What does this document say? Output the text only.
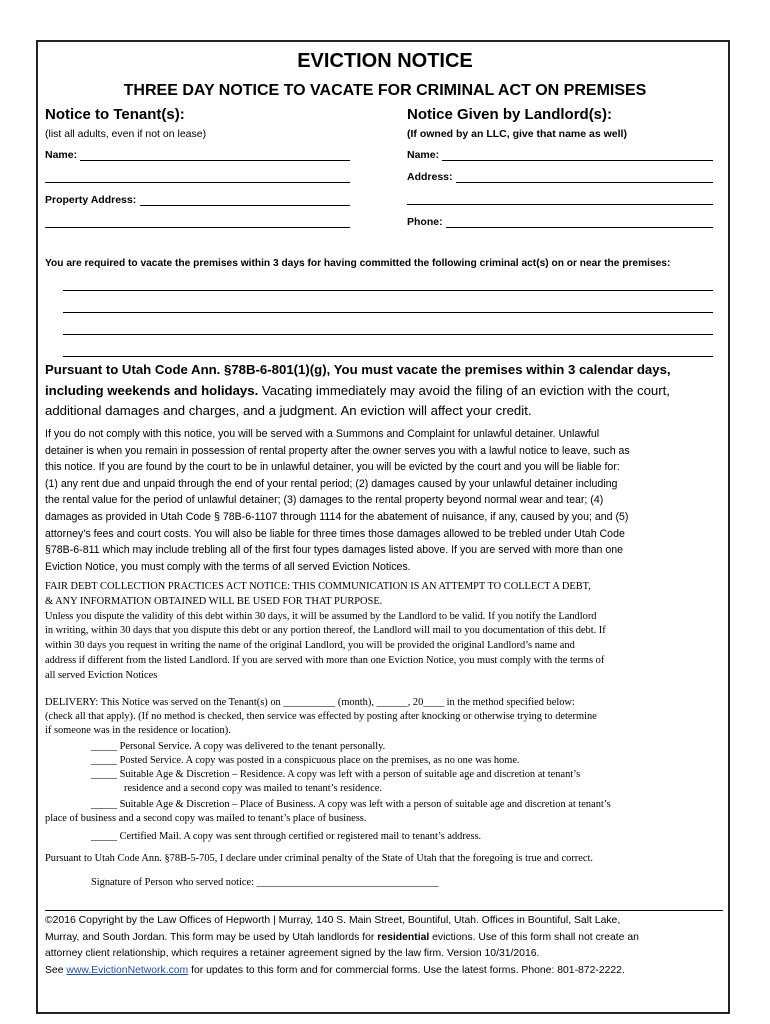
EVICTION NOTICE
THREE DAY NOTICE TO VACATE FOR CRIMINAL ACT ON PREMISES
Notice to Tenant(s):
(list all adults, even if not on lease)
Name:
Property Address:
Notice Given by Landlord(s):
(If owned by an LLC, give that name as well)
Name:
Address:
Phone:
You are required to vacate the premises within 3 days for having committed the following criminal act(s) on or near the premises:
Pursuant to Utah Code Ann. §78B-6-801(1)(g), You must vacate the premises within 3 calendar days,
including weekends and holidays. Vacating immediately may avoid the filing of an eviction with the court,
additional damages and charges, and a judgment. An eviction will affect your credit.
If you do not comply with this notice, you will be served with a Summons and Complaint for unlawful detainer. Unlawful
detainer is when you remain in possession of rental property after the owner serves you with a lawful notice to leave, such as
this notice. If you are found by the court to be in unlawful detainer, you will be evicted by the court and you will be liable for:
(1) any rent due and unpaid through the end of your rental period; (2) damages caused by your unlawful detainer including
the rental value for the period of unlawful detainer; (3) damages to the rental property beyond normal wear and tear; (4)
damages as provided in Utah Code § 78B-6-1107 through 1114 for the abatement of nuisance, if any, caused by you; and (5)
attorney’s fees and court costs. You will also be liable for three times those damages allowed to be trebled under Utah Code
§78B-6-811 which may include trebling all of the first four types damages listed above. If you are served with more than one
Eviction Notice, you must comply with the terms of all served Eviction Notices.
FAIR DEBT COLLECTION PRACTICES ACT NOTICE: THIS COMMUNICATION IS AN ATTEMPT TO COLLECT A DEBT,
& ANY INFORMATION OBTAINED WILL BE USED FOR THAT PURPOSE.
Unless you dispute the validity of this debt within 30 days, it will be assumed by the Landlord to be valid. If you notify the Landlord
in writing, within 30 days that you dispute this debt or any portion thereof, the Landlord will mail to you documentation of this debt. If
within 30 days you request in writing the name of the original Landlord, you will be provided the original Landlord’s name and
address if different from the listed Landlord. If you are served with more than one Eviction Notice, you must comply with the terms of
all served Eviction Notices
DELIVERY: This Notice was served on the Tenant(s) on __________ (month), ______, 20____ in the method specified below:
(check all that apply). (If no method is checked, then service was effected by posting after knocking or otherwise trying to determine
if someone was in the residence or location).
_____ Personal Service. A copy was delivered to the tenant personally.
_____ Posted Service. A copy was posted in a conspicuous place on the premises, as no one was home.
_____ Suitable Age & Discretion – Residence. A copy was left with a person of suitable age and discretion at tenant’s
residence and a second copy was mailed to tenant’s residence.
_____ Suitable Age & Discretion – Place of Business. A copy was left with a person of suitable age and discretion at tenant’s
place of business and a second copy was mailed to tenant’s place of business.
_____ Certified Mail. A copy was sent through certified or registered mail to tenant’s address.
Pursuant to Utah Code Ann. §78B-5-705, I declare under criminal penalty of the State of Utah that the foregoing is true and correct.
Signature of Person who served notice: ___________________________________
©2016 Copyright by the Law Offices of Hepworth | Murray, 140 S. Main Street, Bountiful, Utah. Offices in Bountiful, Salt Lake,
Murray, and South Jordan. This form may be used by Utah landlords for residential evictions. Use of this form shall not create an
attorney client relationship, which requires a retainer agreement signed by the law firm. Version 10/31/2016.
See www.EvictionNetwork.com for updates to this form and for commercial forms. Use the latest forms. Phone: 801-872-2222.
